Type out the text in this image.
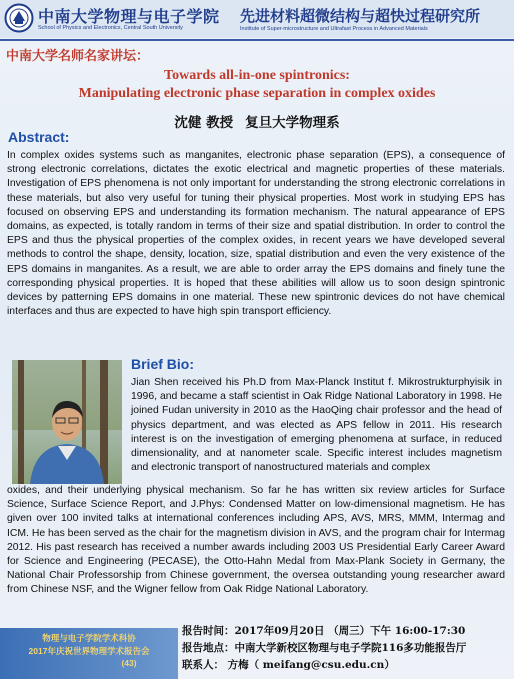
中南大学物理与电子学院
School of Physics and Electronics, Central South University
先进材料超微结构与超快过程研究所
Institute of Super-microstructure and Ultrafast Process in Advanced Materials
中南大学名师名家讲坛：
Towards all-in-one spintronics:
Manipulating electronic phase separation in complex oxides
沈健 教授 复旦大学物理系
Abstract:

In complex oxides systems such as manganites, electronic phase separation (EPS), a consequence of strong electronic correlations, dictates the exotic electrical and magnetic properties of these materials. Investigation of EPS phenomena is not only important for understanding the strong electronic correlations in these materials, but also very useful for tuning their physical properties. Most work in studying EPS has focused on observing EPS and understanding its formation mechanism. The natural appearance of EPS domains, as expected, is totally random in terms of their size and spatial distribution. In order to control the EPS and thus the physical properties of the complex oxides, in recent years we have developed several methods to control the shape, density, location, size, spatial distribution and even the very existence of the EPS domains in manganites. As a result, we are able to order array the EPS domains and finely tune the corresponding physical properties. It is hoped that these abilities will allow us to soon design spintronic devices by patterning EPS domains in one material. These new spintronic devices do not have chemical interfaces and thus are expected to have high spin transport efficiency.

Brief Bio:

Jian Shen received his Ph.D from Max-Planck Institut f. Mikrostrukturphyisik in 1996, and became a staff scientist in Oak Ridge National Laboratory in 1998. He joined Fudan university in 2010 as the HaoQing chair professor and the head of physics department, and was elected as APS fellow in 2011. His research interest is on the investigation of emerging phenomena at surface, in reduced dimensionality, and at nanometer scale. Specific interest includes magnetism and electronic transport of nanostructured materials and complex

oxides, and their underlying physical mechanism. So far he has written six review articles for Surface Science, Surface Science Report, and J.Phys: Condensed Matter on low-dimensional magnetism. He has given over 100 invited talks at international conferences including APS, AVS, MRS, MMM, Intermag and ICM. He has been served as the chair for the magnetism division in AVS, and the program chair for Intermag 2012. His past research has received a number awards including 2003 US Presidential Early Career Award for Science and Engineering (PECASE), the Otto-Hahn Medal from Max-Plank Society in Germany, the National Chair Professorship from Chinese government, the oversea outstanding young researcher award from Chinese NSF, and the Wigner fellow from Oak Ridge National Laboratory.

物理与电子学院学术科协
2017年庆祝世界物理学术报告会
(43)
报告时间：2017年09月20日 （周三）下午 16:00-17:30
报告地点：中南大学新校区物理与电子学院116多功能报告厅
联系人： 方梅（ meifang@csu.edu.cn）
